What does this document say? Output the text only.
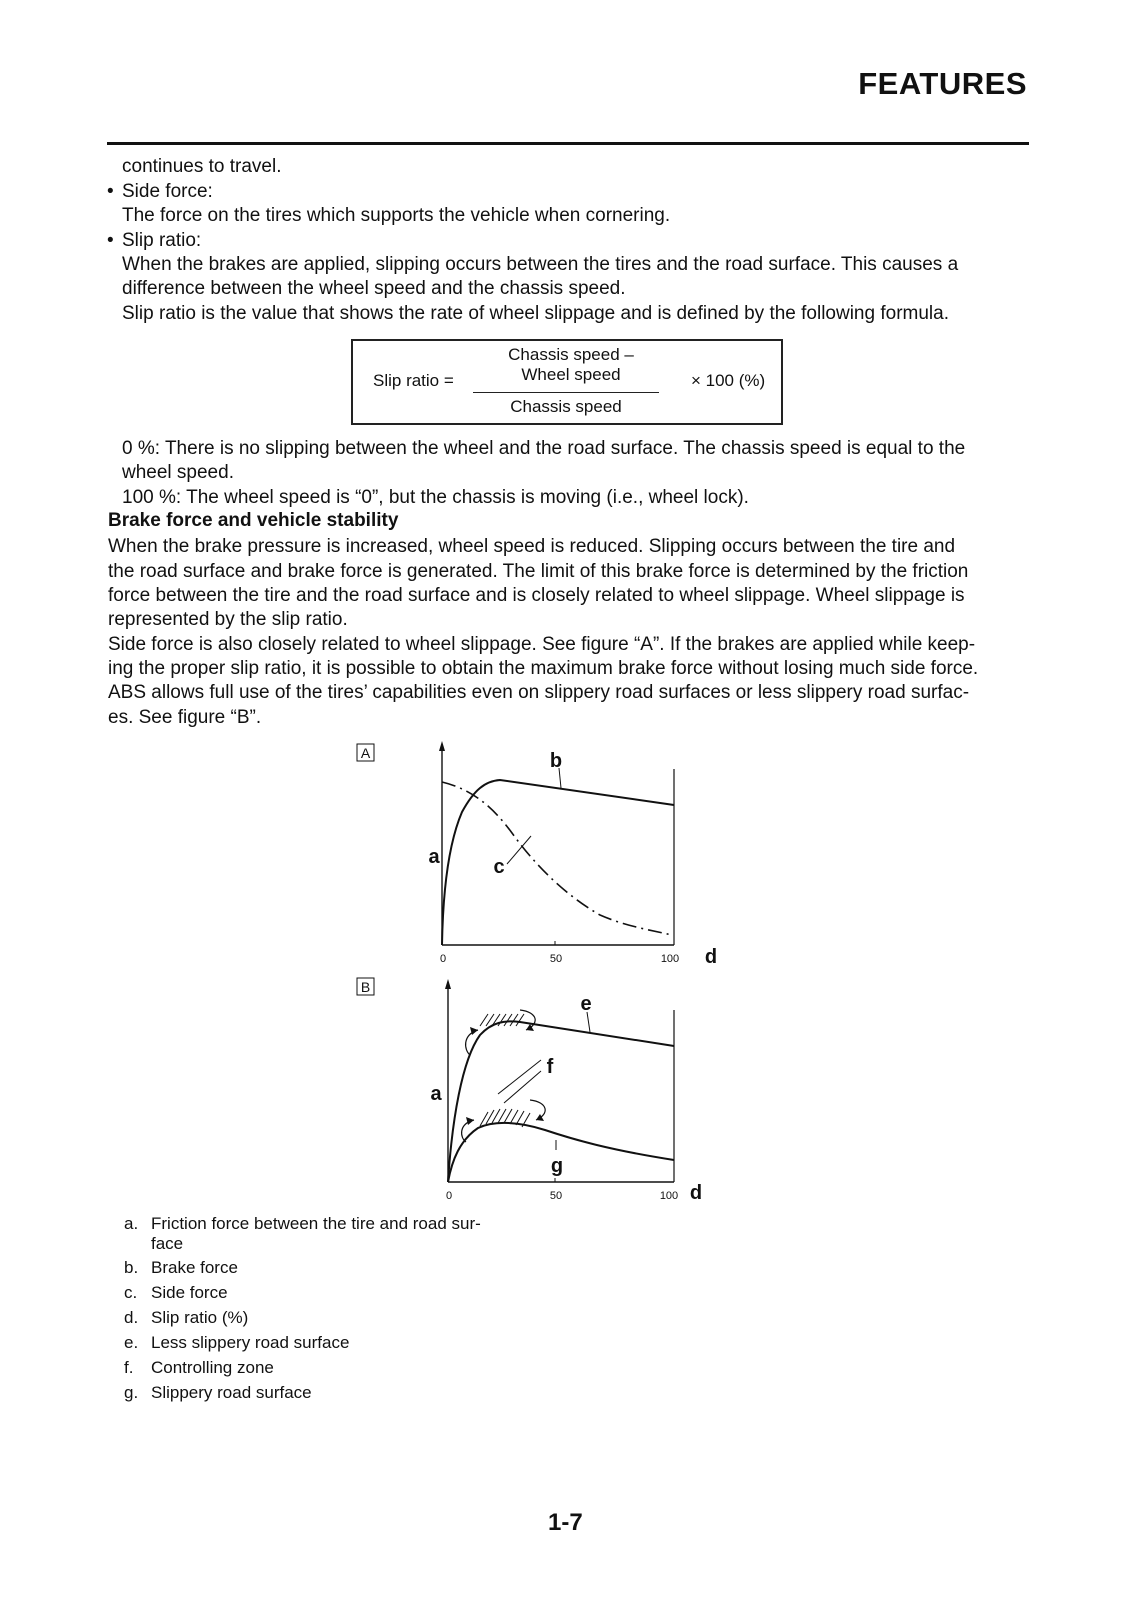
FEATURES
continues to travel.
• Side force:
The force on the tires which supports the vehicle when cornering.
• Slip ratio:
When the brakes are applied, slipping occurs between the tires and the road surface. This causes a
difference between the wheel speed and the chassis speed.
Slip ratio is the value that shows the rate of wheel slippage and is defined by the following formula.
Slip ratio =
Chassis speed –
Wheel speed
Chassis speed
× 100 (%)
0 %: There is no slipping between the wheel and the road surface. The chassis speed is equal to the
wheel speed.
100 %: The wheel speed is “0”, but the chassis is moving (i.e., wheel lock).
Brake force and vehicle stability
When the brake pressure is increased, wheel speed is reduced. Slipping occurs between the tire and
the road surface and brake force is generated. The limit of this brake force is determined by the friction
force between the tire and the road surface and is closely related to wheel slippage. Wheel slippage is
represented by the slip ratio.
Side force is also closely related to wheel slippage. See figure “A”. If the brakes are applied while keep-
ing the proper slip ratio, it is possible to obtain the maximum brake force without losing much side force.
ABS allows full use of the tires’ capabilities even on slippery road surfaces or less slippery road surfac-
es. See figure “B”.
A	b
a	c
d
0	50	100
B
e
f
a
g
d
0	50	100
a. Friction force between the tire and road sur-
face
b. Brake force
c. Side force
d. Slip ratio (%)
e. Less slippery road surface
f. Controlling zone
g. Slippery road surface
1-7
